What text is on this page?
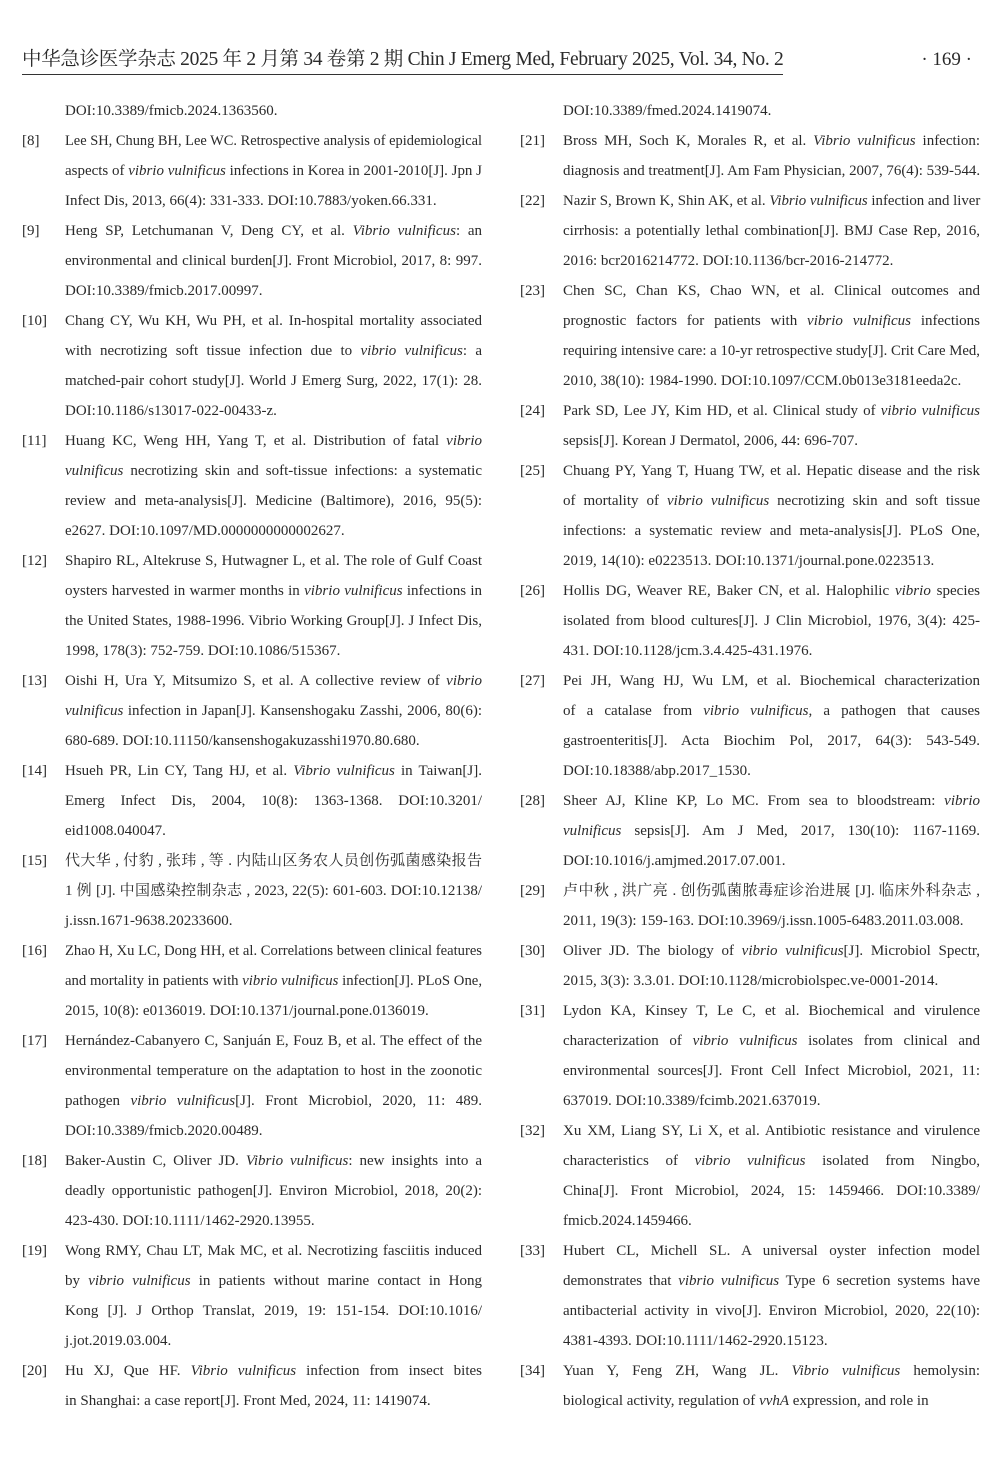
中华急诊医学杂志 2025 年 2 月第 34 卷第 2 期 Chin J Emerg Med, February 2025, Vol. 34, No. 2	· 169 ·
DOI:10.3389/fmicb.2024.1363560.
[8]	Lee SH, Chung BH, Lee WC. Retrospective analysis of epidemiological
aspects of vibrio vulnificus infections in Korea in 2001-2010[J]. Jpn J
Infect Dis, 2013, 66(4): 331-333. DOI:10.7883/yoken.66.331.
[9]	Heng SP, Letchumanan V, Deng CY, et al. Vibrio vulnificus: an
environmental and clinical burden[J]. Front Microbiol, 2017, 8: 997.
DOI:10.3389/fmicb.2017.00997.
[10]	Chang CY, Wu KH, Wu PH, et al. In-hospital mortality associated
with necrotizing soft tissue infection due to vibrio vulnificus: a
matched-pair cohort study[J]. World J Emerg Surg, 2022, 17(1): 28.
DOI:10.1186/s13017-022-00433-z.
[11]	Huang KC, Weng HH, Yang T, et al. Distribution of fatal vibrio
vulnificus necrotizing skin and soft-tissue infections: a systematic
review and meta-analysis[J]. Medicine (Baltimore), 2016, 95(5):
e2627. DOI:10.1097/MD.0000000000002627.
[12]	Shapiro RL, Altekruse S, Hutwagner L, et al. The role of Gulf Coast
oysters harvested in warmer months in vibrio vulnificus infections in
the United States, 1988-1996. Vibrio Working Group[J]. J Infect Dis,
1998, 178(3): 752-759. DOI:10.1086/515367.
[13]	Oishi H, Ura Y, Mitsumizo S, et al. A collective review of vibrio
vulnificus infection in Japan[J]. Kansenshogaku Zasshi, 2006, 80(6):
680-689. DOI:10.11150/kansenshogakuzasshi1970.80.680.
[14]	Hsueh PR, Lin CY, Tang HJ, et al. Vibrio vulnificus in Taiwan[J].
Emerg Infect Dis, 2004, 10(8): 1363-1368. DOI:10.3201/
eid1008.040047.
[15]	代大华 , 付豹 , 张玮 , 等 . 内陆山区务农人员创伤弧菌感染报告
1 例 [J]. 中国感染控制杂志 , 2023, 22(5): 601-603. DOI:10.12138/
j.issn.1671-9638.20233600.
[16]	Zhao H, Xu LC, Dong HH, et al. Correlations between clinical features
and mortality in patients with vibrio vulnificus infection[J]. PLoS One,
2015, 10(8): e0136019. DOI:10.1371/journal.pone.0136019.
[17]	Hernández-Cabanyero C, Sanjuán E, Fouz B, et al. The effect of the
environmental temperature on the adaptation to host in the zoonotic
pathogen vibrio vulnificus[J]. Front Microbiol, 2020, 11: 489.
DOI:10.3389/fmicb.2020.00489.
[18]	Baker-Austin C, Oliver JD. Vibrio vulnificus: new insights into a
deadly opportunistic pathogen[J]. Environ Microbiol, 2018, 20(2):
423-430. DOI:10.1111/1462-2920.13955.
[19]	Wong RMY, Chau LT, Mak MC, et al. Necrotizing fasciitis induced
by vibrio vulnificus in patients without marine contact in Hong
Kong [J]. J Orthop Translat, 2019, 19: 151-154. DOI:10.1016/
j.jot.2019.03.004.
[20]	Hu XJ, Que HF. Vibrio vulnificus infection from insect bites
in Shanghai: a case report[J]. Front Med, 2024, 11: 1419074.
DOI:10.3389/fmed.2024.1419074.
[21]	Bross MH, Soch K, Morales R, et al. Vibrio vulnificus infection:
diagnosis and treatment[J]. Am Fam Physician, 2007, 76(4): 539-544.
[22]	Nazir S, Brown K, Shin AK, et al. Vibrio vulnificus infection and liver
cirrhosis: a potentially lethal combination[J]. BMJ Case Rep, 2016,
2016: bcr2016214772. DOI:10.1136/bcr-2016-214772.
[23]	Chen SC, Chan KS, Chao WN, et al. Clinical outcomes and
prognostic factors for patients with vibrio vulnificus infections
requiring intensive care: a 10-yr retrospective study[J]. Crit Care Med,
2010, 38(10): 1984-1990. DOI:10.1097/CCM.0b013e3181eeda2c.
[24]	Park SD, Lee JY, Kim HD, et al. Clinical study of vibrio vulnificus
sepsis[J]. Korean J Dermatol, 2006, 44: 696-707.
[25]	Chuang PY, Yang T, Huang TW, et al. Hepatic disease and the risk
of mortality of vibrio vulnificus necrotizing skin and soft tissue
infections: a systematic review and meta-analysis[J]. PLoS One,
2019, 14(10): e0223513. DOI:10.1371/journal.pone.0223513.
[26]	Hollis DG, Weaver RE, Baker CN, et al. Halophilic vibrio species
isolated from blood cultures[J]. J Clin Microbiol, 1976, 3(4): 425-
431. DOI:10.1128/jcm.3.4.425-431.1976.
[27]	Pei JH, Wang HJ, Wu LM, et al. Biochemical characterization
of a catalase from vibrio vulnificus, a pathogen that causes
gastroenteritis[J]. Acta Biochim Pol, 2017, 64(3): 543-549.
DOI:10.18388/abp.2017_1530.
[28]	Sheer AJ, Kline KP, Lo MC. From sea to bloodstream: vibrio
vulnificus sepsis[J]. Am J Med, 2017, 130(10): 1167-1169.
DOI:10.1016/j.amjmed.2017.07.001.
[29]	卢中秋 , 洪广亮 . 创伤弧菌脓毒症诊治进展 [J]. 临床外科杂志 ,
2011, 19(3): 159-163. DOI:10.3969/j.issn.1005-6483.2011.03.008.
[30]	Oliver JD. The biology of vibrio vulnificus[J]. Microbiol Spectr,
2015, 3(3): 3.3.01. DOI:10.1128/microbiolspec.ve-0001-2014.
[31]	Lydon KA, Kinsey T, Le C, et al. Biochemical and virulence
characterization of vibrio vulnificus isolates from clinical and
environmental sources[J]. Front Cell Infect Microbiol, 2021, 11:
637019. DOI:10.3389/fcimb.2021.637019.
[32]	Xu XM, Liang SY, Li X, et al. Antibiotic resistance and virulence
characteristics of vibrio vulnificus isolated from Ningbo,
China[J]. Front Microbiol, 2024, 15: 1459466. DOI:10.3389/
fmicb.2024.1459466.
[33]	Hubert CL, Michell SL. A universal oyster infection model
demonstrates that vibrio vulnificus Type 6 secretion systems have
antibacterial activity in vivo[J]. Environ Microbiol, 2020, 22(10):
4381-4393. DOI:10.1111/1462-2920.15123.
[34]	Yuan Y, Feng ZH, Wang JL. Vibrio vulnificus hemolysin:
biological activity, regulation of vvhA expression, and role in
